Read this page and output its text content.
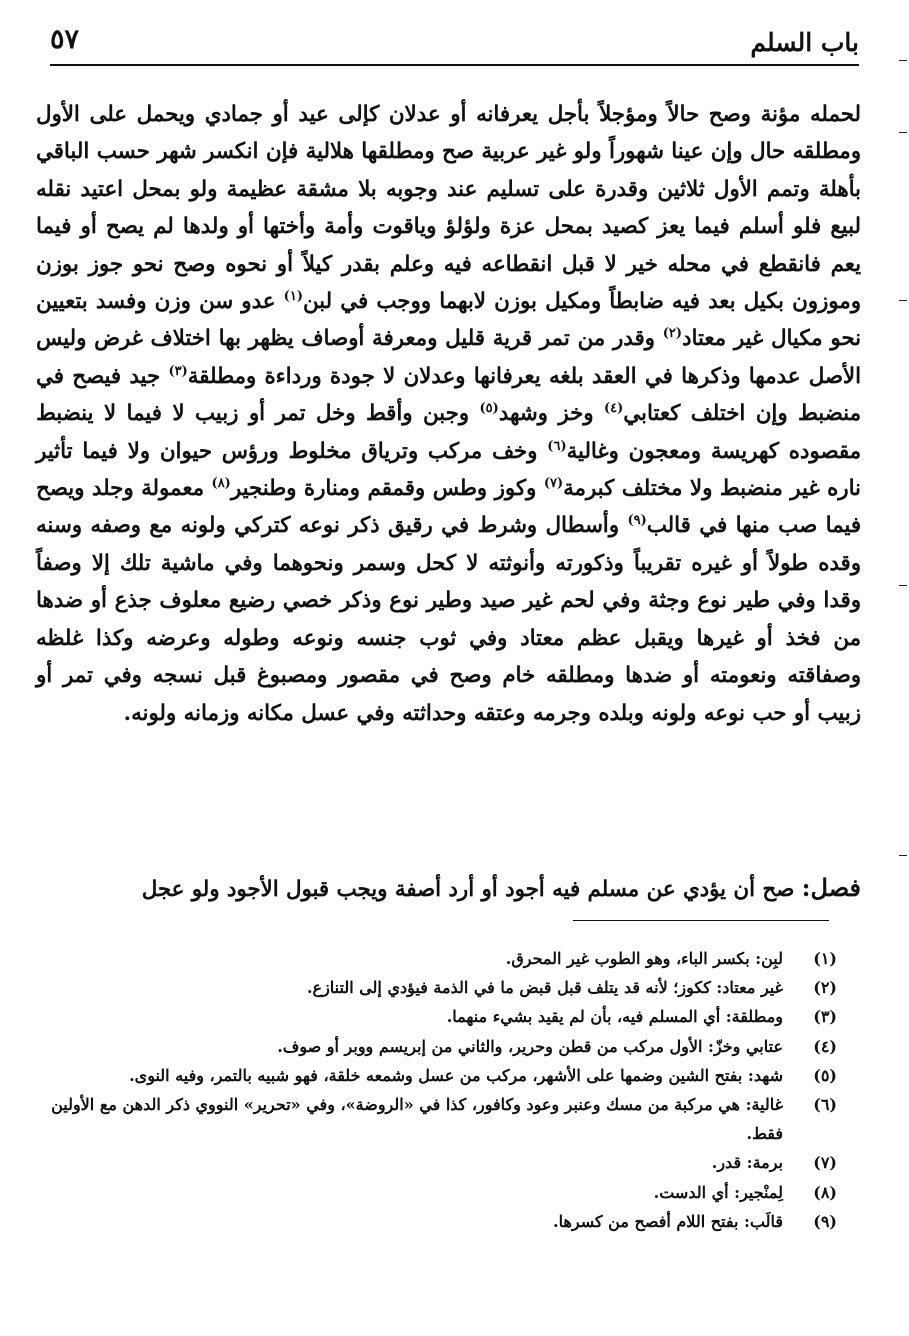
باب السلم
٥٧
لحمله مؤنة وصح حالاً ومؤجلاً بأجل يعرفانه أو عدلان كإلى عيد أو جمادي ويحمل على الأول ومطلقه حال وإن عينا شهوراً ولو غير عربية صح ومطلقها هلالية فإن انكسر شهر حسب الباقي بأهلة وتمم الأول ثلاثين وقدرة على تسليم عند وجوبه بلا مشقة عظيمة ولو بمحل اعتيد نقله لبيع فلو أسلم فيما يعز كصيد بمحل عزة ولؤلؤ وياقوت وأمة وأختها أو ولدها لم يصح أو فيما يعم فانقطع في محله خير لا قبل انقطاعه فيه وعلم بقدر كيلاً أو نحوه وصح نحو جوز بوزن وموزون بكيل بعد فيه ضابطاً ومكيل بوزن لابهما ووجب في لبن$^{(١)}$ عدو سن وزن وفسد بتعيين نحو مكيال غير معتاد$^{(٢)}$ وقدر من تمر قرية قليل ومعرفة أوصاف يظهر بها اختلاف غرض وليس الأصل عدمها وذكرها في العقد بلغه يعرفانها وعدلان لا جودة ورداءة ومطلقة$^{(٣)}$ جيد فيصح في منضبط وإن اختلف كعتابي$^{(٤)}$ وخز وشهد$^{(٥)}$ وجبن وأقط وخل تمر أو زبيب لا فيما لا ينضبط مقصوده كهريسة ومعجون وغالية$^{(٦)}$ وخف مركب وترياق مخلوط ورؤس حيوان ولا فيما تأثير ناره غير منضبط ولا مختلف كبرمة$^{(٧)}$ وكوز وطس وقمقم ومنارة وطنجير$^{(٨)}$ معمولة وجلد ويصح فيما صب منها في قالب$^{(٩)}$ وأسطال وشرط في رقيق ذكر نوعه كتركي ولونه مع وصفه وسنه وقده طولاً أو غيره تقريباً وذكورته وأنوثته لا كحل وسمر ونحوهما وفي ماشية تلك إلا وصفاً وقدا وفي طير نوع وجثة وفي لحم غير صيد وطير نوع وذكر خصي رضيع معلوف جذع أو ضدها من فخذ أو غيرها ويقبل عظم معتاد وفي ثوب جنسه ونوعه وطوله وعرضه وكذا غلظه وصفاقته ونعومته أو ضدها ومطلقه خام وصح في مقصور ومصبوغ قبل نسجه وفي تمر أو زبيب أو حب نوعه ولونه وبلده وجرمه وعتقه وحداثته وفي عسل مكانه وزمانه ولونه.
فصل: صح أن يؤدي عن مسلم فيه أجود أو أرد أصفة ويجب قبول الأجود ولو عجل
(١)
لبِن: بكسر الباء، وهو الطوب غير المحرق.
(٢)
غير معتاد: ككوز؛ لأنه قد يتلف قبل قبض ما في الذمة فيؤدي إلى التنازع.
(٣)
ومطلقة: أي المسلم فيه، بأن لم يقيد بشيء منهما.
(٤)
عتابي وخزّ: الأول مركب من قطن وحرير، والثاني من إبريسم ووبر أو صوف.
(٥)
شهد: بفتح الشين وضمها على الأشهر، مركب من عسل وشمعه خلقة، فهو شبيه بالتمر، وفيه النوى.
(٦)
غالية: هي مركبة من مسك وعنبر وعود وكافور، كذا في «الروضة»، وفي «تحرير» النووي ذكر الدهن مع الأولين فقط.
(٧)
برمة: قدر.
(٨)
لِمنْجير: أي الدست.
(٩)
قالَب: بفتح اللام أفصح من كسرها.
